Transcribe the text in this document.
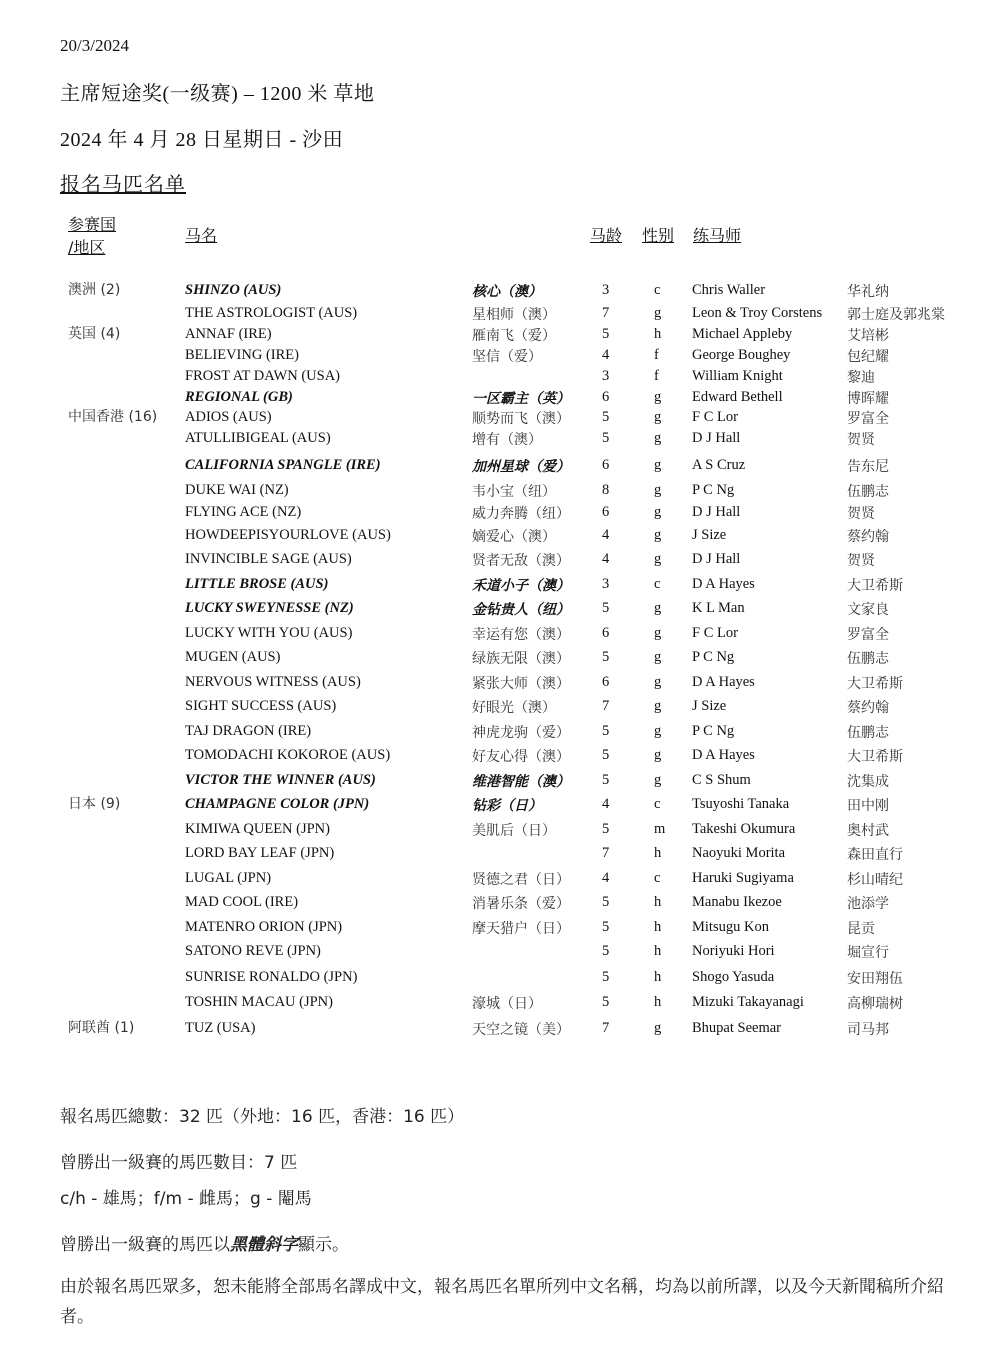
20/3/2024
主席短途奖(一级赛) – 1200 米 草地
2024 年 4 月 28 日星期日 - 沙田
报名马匹名单
参赛国
/地区
马名	马龄 性别 练马师
澳洲 (2)	SHINZO (AUS)	核心（澳）	3	c Chris Waller	华礼纳
THE ASTROLOGIST (AUS)	星相师（澳）	7	g Leon & Troy Corstens 郭士庭及郭兆棠
英国 (4)	ANNAF (IRE)	雁南飞（爱）	5	h Michael Appleby	艾培彬
BELIEVING (IRE)	坚信（爱）	4	f George Boughey	包纪耀
FROST AT DAWN (USA)	3	f William Knight	黎迪
REGIONAL (GB)	一区霸主（英） 6	g Edward Bethell	博晖耀
中国香港 (16) ADIOS (AUS)	顺势而飞（澳） 5	g F C Lor	罗富全
ATULLIBIGEAL (AUS)	增有（澳）	5	g D J Hall	贺贤
CALIFORNIA SPANGLE (IRE)	加州星球（爱） 6	g A S Cruz	告东尼
DUKE WAI (NZ)	韦小宝（纽）	8	g P C Ng	伍鹏志
FLYING ACE (NZ)	威力奔腾（纽） 6	g D J Hall	贺贤
HOWDEEPISYOURLOVE (AUS)	嫡爱心（澳）	4	g J Size	蔡约翰
INVINCIBLE SAGE (AUS)	贤者无敌（澳） 4	g D J Hall	贺贤
LITTLE BROSE (AUS)	禾道小子（澳） 3	c D A Hayes	大卫希斯
LUCKY SWEYNESSE (NZ)	金钻贵人（纽） 5	g K L Man	文家良
LUCKY WITH YOU (AUS)	幸运有您（澳） 6	g F C Lor	罗富全
MUGEN (AUS)	绿族无限（澳） 5	g P C Ng	伍鹏志
NERVOUS WITNESS (AUS)	紧张大师（澳） 6	g D A Hayes	大卫希斯
SIGHT SUCCESS (AUS)	好眼光（澳）	7	g J Size	蔡约翰
TAJ DRAGON (IRE)	神虎龙驹（爱） 5	g P C Ng	伍鹏志
TOMODACHI KOKOROE (AUS)	好友心得（澳） 5	g D A Hayes	大卫希斯
VICTOR THE WINNER (AUS)	维港智能（澳） 5	g C S Shum	沈集成
日本 (9)	CHAMPAGNE COLOR (JPN)	钻彩（日）	4	c Tsuyoshi Tanaka	田中刚
KIMIWA QUEEN (JPN)	美肌后（日）	5	m Takeshi Okumura	奥村武
LORD BAY LEAF (JPN)	7	h Naoyuki Morita	森田直行
LUGAL (JPN)	贤德之君（日） 4	c Haruki Sugiyama	杉山晴纪
MAD COOL (IRE)	消暑乐条（爱） 5	h Manabu Ikezoe	池添学
MATENRO ORION (JPN)	摩天猎户（日） 5	h Mitsugu Kon	昆贡
SATONO REVE (JPN)	5	h Noriyuki Hori	堀宣行
SUNRISE RONALDO (JPN)	5	h Shogo Yasuda	安田翔伍
TOSHIN MACAU (JPN)	濠城（日）	5	h Mizuki Takayanagi	高柳瑞树
阿联酋 (1)	TUZ (USA)	天空之镜（美） 7	g Bhupat Seemar	司马邦
報名馬匹總數：32 匹（外地：16 匹，香港：16 匹）
曾勝出一級賽的馬匹數目：7 匹
c/h - 雄馬；f/m - 雌馬；g - 閹馬
曾勝出一級賽的馬匹以黑體斜字顯示。
由於報名馬匹眾多，恕未能將全部馬名譯成中文，報名馬匹名單所列中文名稱，均為以前所譯，以及今天新聞稿所介紹者。
